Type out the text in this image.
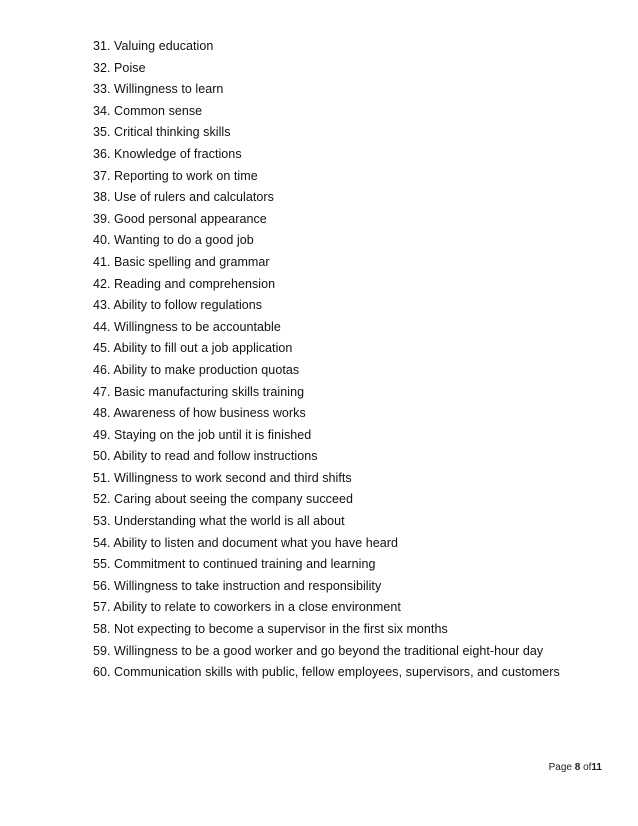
31. Valuing education
32. Poise
33. Willingness to learn
34. Common sense
35. Critical thinking skills
36. Knowledge of fractions
37. Reporting to work on time
38. Use of rulers and calculators
39. Good personal appearance
40. Wanting to do a good job
41. Basic spelling and grammar
42. Reading and comprehension
43. Ability to follow regulations
44. Willingness to be accountable
45. Ability to fill out a job application
46. Ability to make production quotas
47. Basic manufacturing skills training
48. Awareness of how business works
49. Staying on the job until it is finished
50. Ability to read and follow instructions
51. Willingness to work second and third shifts
52. Caring about seeing the company succeed
53. Understanding what the world is all about
54. Ability to listen and document what you have heard
55. Commitment to continued training and learning
56. Willingness to take instruction and responsibility
57. Ability to relate to coworkers in a close environment
58. Not expecting to become a supervisor in the first six months
59. Willingness to be a good worker and go beyond the traditional eight-hour day
60. Communication skills with public, fellow employees, supervisors, and customers
Page 8 of11
